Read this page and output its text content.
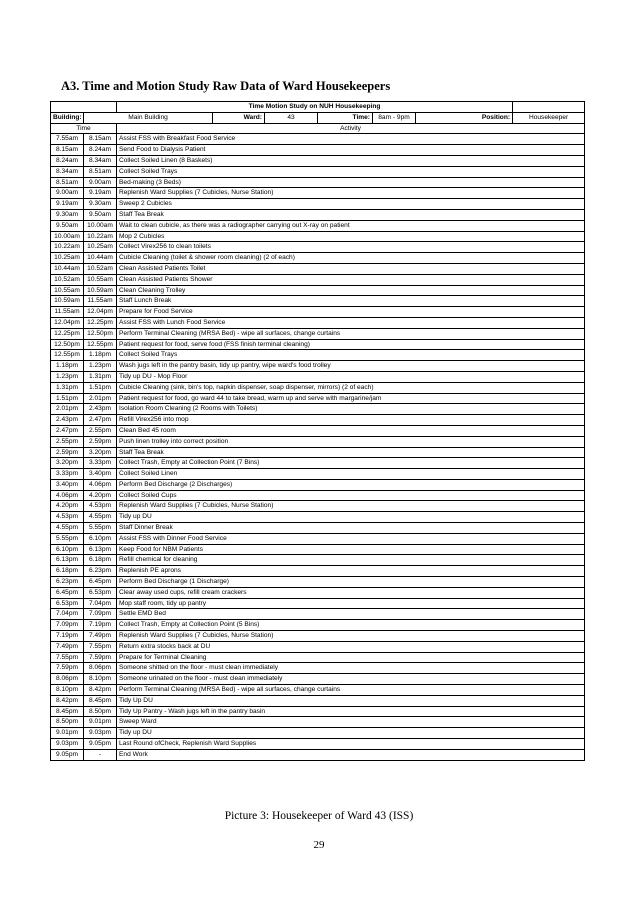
A3. Time and Motion Study Raw Data of Ward Housekeepers
		Time Motion Study on NUH Housekeeping						
Building:	Main Building		Ward:	43	Time:	8am - 9pm	Position:	Housekeeper
Time		Activity						
7.55am	8.15am	Assist FSS with Breakfast Food Service						
8.15am	8.24am	Send Food to Dialysis Patient						
8.24am	8.34am	Collect Soiled Linen (8 Baskets)						
8.34am	8.51am	Collect Soiled Trays						
8.51am	9.00am	Bed-making (3 Beds)						
9.00am	9.19am	Replenish Ward Supplies (7 Cubicles, Nurse Station)						
9.19am	9.30am	Sweep 2 Cubicles						
9.30am	9.50am	Staff Tea Break						
9.50am	10.00am	Wait to clean cubicle, as there was a radiographer carrying out X-ray on patient						
10.00am	10.22am	Mop 2 Cubicles						
10.22am	10.25am	Collect Virex256 to clean toilets						
10.25am	10.44am	Cubicle Cleaning (toilet & shower room cleaning) (2 of each)						
10.44am	10.52am	Clean Assisted Patients Toilet						
10.52am	10.55am	Clean Assisted Patients Shower						
10.55am	10.59am	Clean Cleaning Trolley						
10.59am	11.55am	Staff Lunch Break						
11.55am	12.04pm	Prepare for Food Service						
12.04pm	12.25pm	Assist FSS with Lunch Food Service						
12.25pm	12.50pm	Perform Terminal Cleaning (MRSA Bed) - wipe all surfaces, change curtains						
12.50pm	12.55pm	Patient request for food, serve food (FSS finish terminal cleaning)						
12.55pm	1.18pm	Collect Soiled Trays						
1.18pm	1.23pm	Wash jugs left in the pantry basin, tidy up pantry, wipe ward's food trolley						
1.23pm	1.31pm	Tidy up DU - Mop Floor						
1.31pm	1.51pm	Cubicle Cleaning (sink, bin's top, napkin dispenser, soap dispenser, mirrors) (2 of each)						
1.51pm	2.01pm	Patient request for food, go ward 44 to take bread, warm up and serve with margarine/jam						
2.01pm	2.43pm	Isolation Room Cleaning (2 Rooms with Toilets)						
2.43pm	2.47pm	Refill Virex256 into mop						
2.47pm	2.55pm	Clean Bed 45 room						
2.55pm	2.59pm	Push linen trolley into correct position						
2.59pm	3.20pm	Staff Tea Break						
3.20pm	3.33pm	Collect Trash, Empty at Collection Point (7 Bins)						
3.33pm	3.40pm	Collect Soiled Linen						
3.40pm	4.06pm	Perform Bed Discharge (2 Discharges)						
4.06pm	4.20pm	Collect Soiled Cups						
4.20pm	4.53pm	Replenish Ward Supplies (7 Cubicles, Nurse Station)						
4.53pm	4.55pm	Tidy up DU						
4.55pm	5.55pm	Staff Dinner Break						
5.55pm	6.10pm	Assist FSS with Dinner Food Service						
6.10pm	6.13pm	Keep Food for NBM Patients						
6.13pm	6.18pm	Refill chemical for cleaning						
6.18pm	6.23pm	Replenish PE aprons						
6.23pm	6.45pm	Perform Bed Discharge (1 Discharge)						
6.45pm	6.53pm	Clear away used cups, refill cream crackers						
6.53pm	7.04pm	Mop staff room, tidy up pantry						
7.04pm	7.09pm	Settle EMD Bed						
7.09pm	7.19pm	Collect Trash, Empty at Collection Point (5 Bins)						
7.19pm	7.49pm	Replenish Ward Supplies (7 Cubicles, Nurse Station)						
7.49pm	7.55pm	Return extra stocks back at DU						
7.55pm	7.59pm	Prepare for Terminal Cleaning						
7.59pm	8.06pm	Someone shitted on the floor - must clean immediately						
8.06pm	8.10pm	Someone urinated on the floor - must clean immediately						
8.10pm	8.42pm	Perform Terminal Cleaning (MRSA Bed) - wipe all surfaces, change curtains						
8.42pm	8.45pm	Tidy Up DU						
8.45pm	8.50pm	Tidy Up Pantry - Wash jugs left in the pantry basin						
8.50pm	9.01pm	Sweep Ward						
9.01pm	9.03pm	Tidy up DU						
9.03pm	9.05pm	Last Round ofCheck, Replenish Ward Supplies						
9.05pm	-	End Work						
Picture 3: Housekeeper of Ward 43 (ISS)
29
